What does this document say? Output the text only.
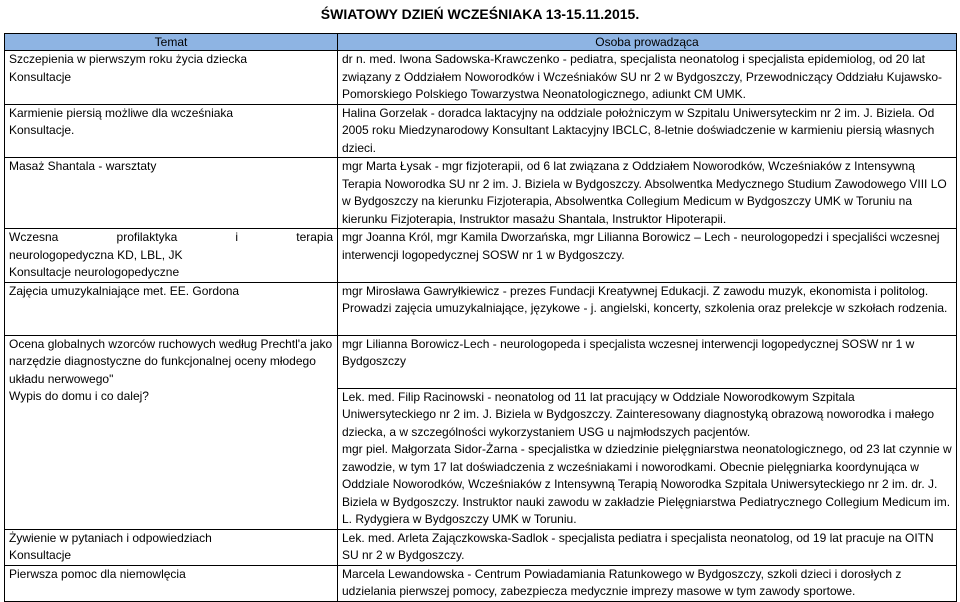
ŚWIATOWY DZIEŃ WCZEŚNIAKA 13-15.11.2015.
Temat	Osoba prowadząca

Szczepienia w pierwszym roku życia dziecka
Konsultacje	dr n. med. Iwona Sadowska-Krawczenko - pediatra, specjalista neonatolog i specjalista epidemiolog, od 20 lat związany z Oddziałem Noworodków i Wcześniaków SU nr 2 w Bydgoszczy, Przewodniczący Oddziału Kujawsko-Pomorskiego Polskiego Towarzystwa Neonatologicznego, adiunkt CM UMK.

Karmienie piersią możliwe dla wcześniaka
Konsultacje.	Halina Gorzelak - doradca laktacyjny na oddziale położniczym w Szpitalu Uniwersyteckim nr 2 im. J. Biziela. Od 2005 roku Miedzynarodowy Konsultant Laktacyjny IBCLC, 8-letnie doświadczenie w karmieniu piersią własnych dzieci.

Masaż Shantala - warsztaty	mgr Marta Łysak - mgr fizjoterapii, od 6 lat związana z Oddziałem Noworodków, Wcześniaków z Intensywną Terapia Noworodka SU nr 2 im. J. Biziela w Bydgoszczy. Absolwentka Medycznego Studium Zawodowego VIII LO w Bydgoszczy na kierunku Fizjoterapia, Absolwentka Collegium Medicum w Bydgoszczy UMK w Toruniu na kierunku Fizjoterapia, Instruktor masażu Shantala, Instruktor Hipoterapii.

Wczesna profilaktyka i terapia
neurologopedyczna KD, LBL, JK
Konsultacje neurologopedyczne	mgr Joanna Król, mgr Kamila Dworzańska, mgr Lilianna Borowicz – Lech - neurologopedzi i specjaliści wczesnej interwencji logopedycznej SOSW nr 1 w Bydgoszczy.

Zajęcia umuzykalniające met. EE. Gordona	mgr Mirosława Gawryłkiewicz - prezes Fundacji Kreatywnej Edukacji. Z zawodu muzyk, ekonomista i politolog. Prowadzi zajęcia umuzykalniające, językowe - j. angielski, koncerty, szkolenia oraz prelekcje w szkołach rodzenia.

Ocena globalnych wzorców ruchowych według Prechtl'a jako narzędzie diagnostyczne do funkcjonalnej oceny młodego układu nerwowego"
Wypis do domu i co dalej?	mgr Lilianna Borowicz-Lech - neurologopeda i specjalista wczesnej interwencji logopedycznej SOSW nr 1 w Bydgoszczy

	Lek. med. Filip Racinowski - neonatolog od 11 lat pracujący w Oddziale Noworodkowym Szpitala Uniwersyteckiego nr 2 im. J. Biziela w Bydgoszczy. Zainteresowany diagnostyką obrazową noworodka i małego dziecka, a w szczególności wykorzystaniem USG u najmłodszych pacjentów.
mgr piel. Małgorzata Sidor-Żarna - specjalistka w dziedzinie pielęgniarstwa neonatologicznego, od 23 lat czynnie w zawodzie, w tym 17 lat doświadczenia z wcześniakami i noworodkami. Obecnie pielęgniarka koordynująca w Oddziale Noworodków, Wcześniaków z Intensywną Terapią Noworodka Szpitala Uniwersyteckiego nr 2 im. dr. J. Biziela w Bydgoszczy. Instruktor nauki zawodu w zakładzie Pielęgniarstwa Pediatrycznego Collegium Medicum im. L. Rydygiera w Bydgoszczy UMK w Toruniu.

Żywienie w pytaniach i odpowiedziach
Konsultacje	Lek. med. Arleta Zajączkowska-Sadlok - specjalista pediatra i specjalista neonatolog, od 19 lat pracuje na OITN SU nr 2 w Bydgoszczy.

Pierwsza pomoc dla niemowlęcia	Marcela Lewandowska - Centrum Powiadamiania Ratunkowego w Bydgoszczy, szkoli dzieci i dorosłych z udzielania pierwszej pomocy, zabezpiecza medycznie imprezy masowe w tym zawody sportowe.
